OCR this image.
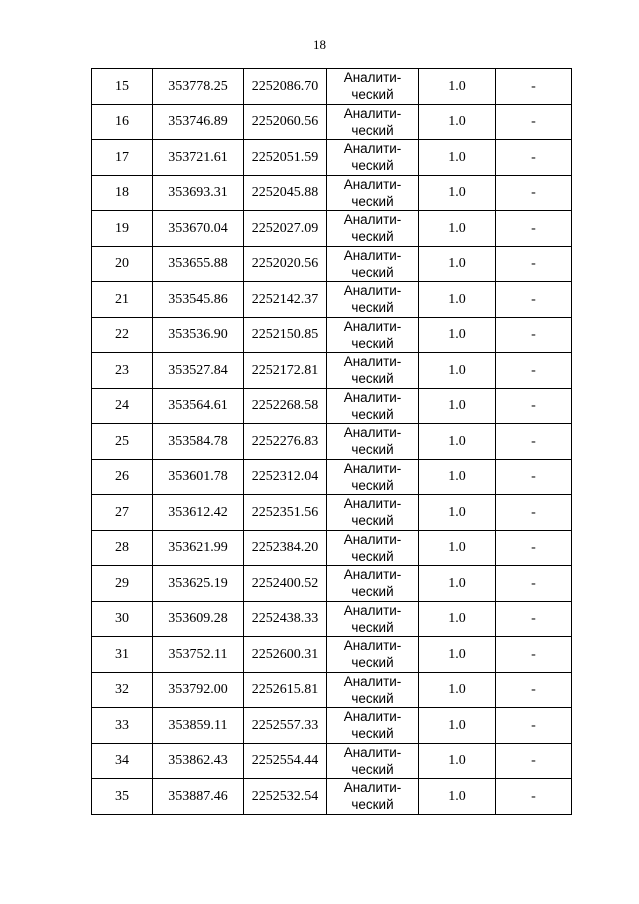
18
15	353778.25	2252086.70	Аналити-
ческий	1.0	-
16	353746.89	2252060.56	Аналити-
ческий	1.0	-
17	353721.61	2252051.59	Аналити-
ческий	1.0	-
18	353693.31	2252045.88	Аналити-
ческий	1.0	-
19	353670.04	2252027.09	Аналити-
ческий	1.0	-
20	353655.88	2252020.56	Аналити-
ческий	1.0	-
21	353545.86	2252142.37	Аналити-
ческий	1.0	-
22	353536.90	2252150.85	Аналити-
ческий	1.0	-
23	353527.84	2252172.81	Аналити-
ческий	1.0	-
24	353564.61	2252268.58	Аналити-
ческий	1.0	-
25	353584.78	2252276.83	Аналити-
ческий	1.0	-
26	353601.78	2252312.04	Аналити-
ческий	1.0	-
27	353612.42	2252351.56	Аналити-
ческий	1.0	-
28	353621.99	2252384.20	Аналити-
ческий	1.0	-
29	353625.19	2252400.52	Аналити-
ческий	1.0	-
30	353609.28	2252438.33	Аналити-
ческий	1.0	-
31	353752.11	2252600.31	Аналити-
ческий	1.0	-
32	353792.00	2252615.81	Аналити-
ческий	1.0	-
33	353859.11	2252557.33	Аналити-
ческий	1.0	-
34	353862.43	2252554.44	Аналити-
ческий	1.0	-
35	353887.46	2252532.54	Аналити-
ческий	1.0	-
